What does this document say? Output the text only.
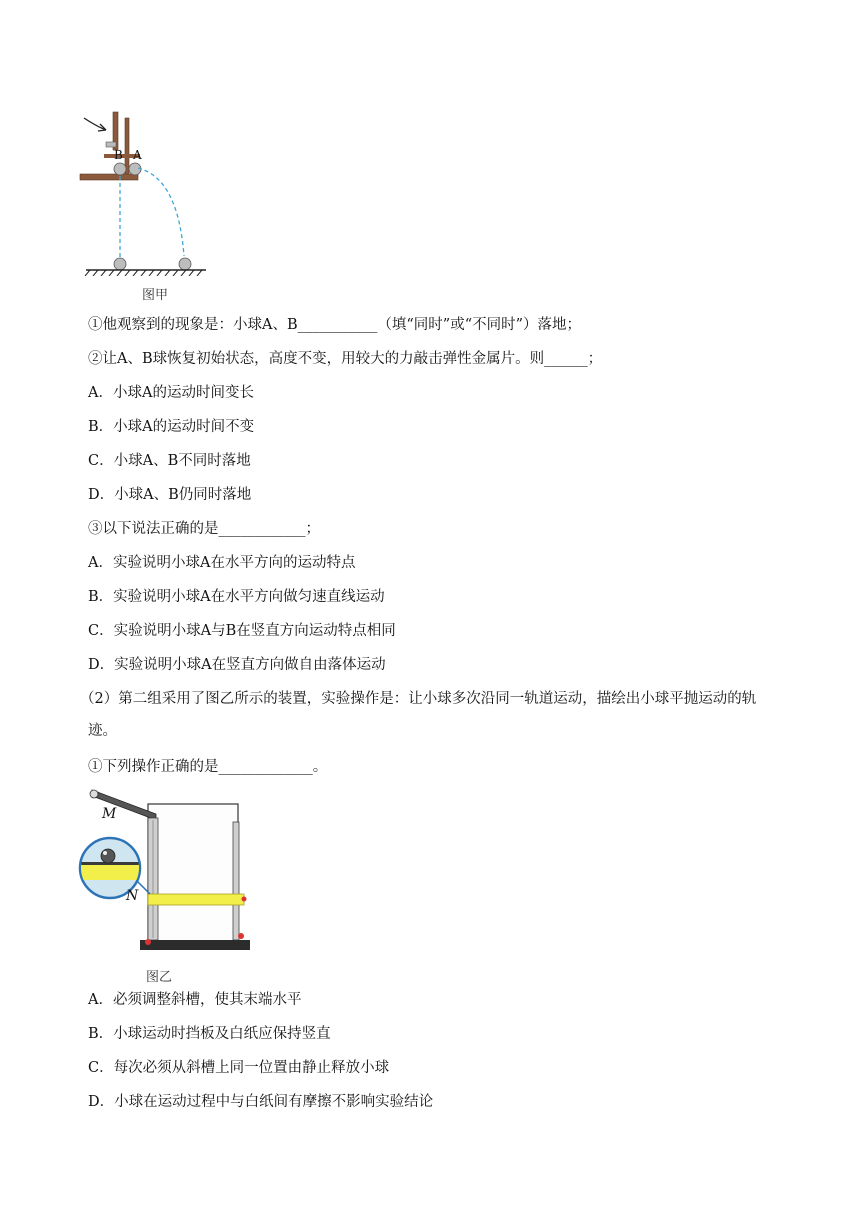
B A
图甲
①他观察到的现象是：小球A、B___________（填“同时”或“不同时”）落地；
②让A、B球恢复初始状态，高度不变，用较大的力敲击弹性金属片。则______；
A．小球A的运动时间变长
B．小球A的运动时间不变
C．小球A、B不同时落地
D．小球A、B仍同时落地
③以下说法正确的是____________；
A．实验说明小球A在水平方向的运动特点
B．实验说明小球A在水平方向做匀速直线运动
C．实验说明小球A与B在竖直方向运动特点相同
D．实验说明小球A在竖直方向做自由落体运动
（2）第二组采用了图乙所示的装置，实验操作是：让小球多次沿同一轨道运动，描绘出小球平抛运动的轨
迹。
①下列操作正确的是_____________。
M
N
图乙
A．必须调整斜槽，使其末端水平
B．小球运动时挡板及白纸应保持竖直
C．每次必须从斜槽上同一位置由静止释放小球
D．小球在运动过程中与白纸间有摩擦不影响实验结论
